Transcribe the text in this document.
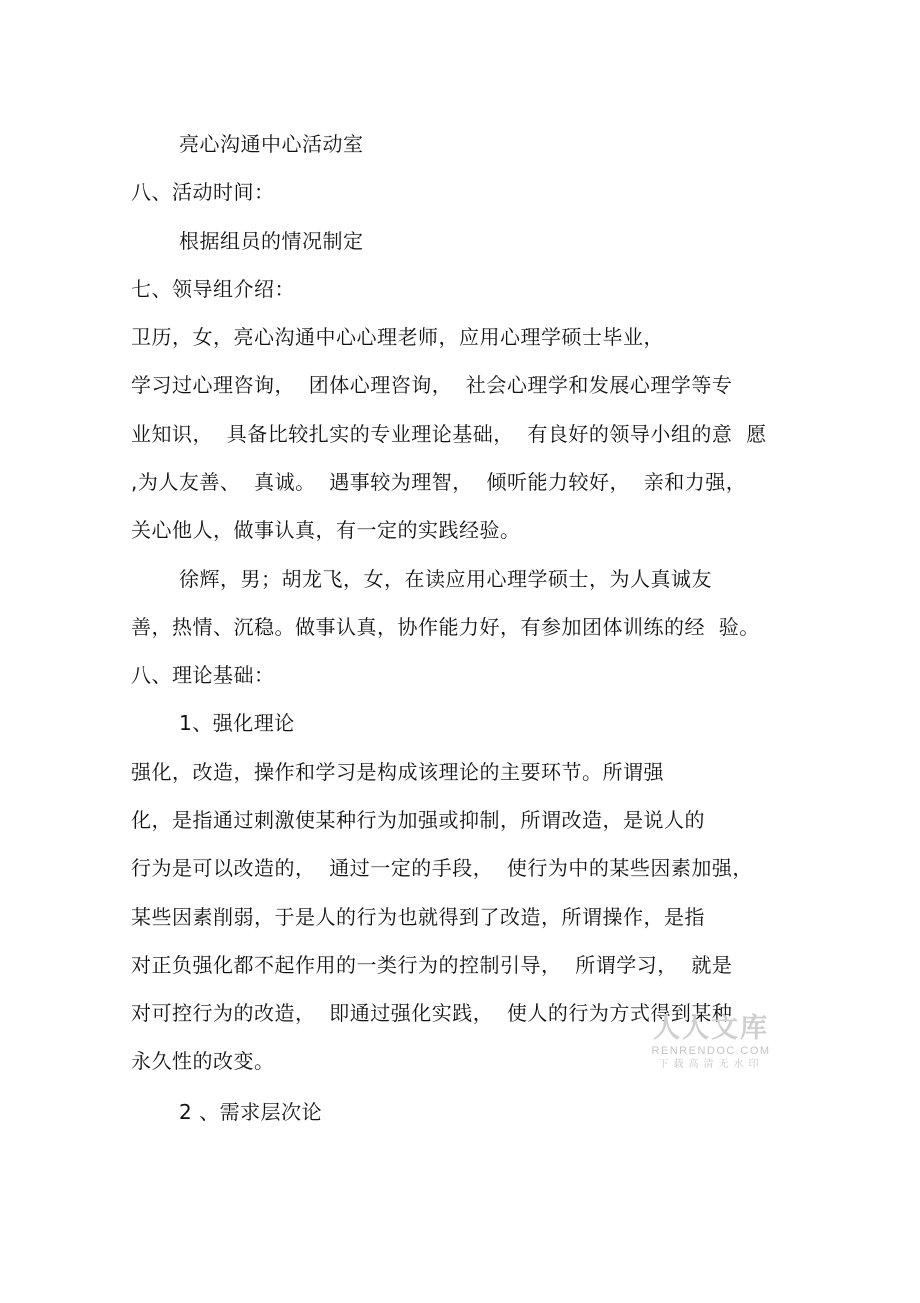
亮心沟通中心活动室
八、活动时间：
根据组员的情况制定
七、领导组介绍：
卫历，女，亮心沟通中心心理老师，应用心理学硕士毕业，
学习过心理咨询，  团体心理咨询，  社会心理学和发展心理学等专
业知识，  具备比较扎实的专业理论基础，  有良好的领导小组的意  愿
,为人友善、  真诚。  遇事较为理智，  倾听能力较好，  亲和力强，
关心他人，做事认真，有一定的实践经验。
徐辉，男；胡龙飞，女，在读应用心理学硕士，为人真诚友
善，热情、沉稳。做事认真，协作能力好，有参加团体训练的经  验。
八、理论基础：
1、强化理论
强化，改造，操作和学习是构成该理论的主要环节。所谓强
化，是指通过刺激使某种行为加强或抑制，所谓改造，是说人的
行为是可以改造的，  通过一定的手段，  使行为中的某些因素加强，
某些因素削弱，于是人的行为也就得到了改造，所谓操作，是指
对正负强化都不起作用的一类行为的控制引导，  所谓学习，  就是
对可控行为的改造，  即通过强化实践，  使人的行为方式得到某种
永久性的改变。
2 、需求层次论
人人文库
RENRENDOC.COM
下载高清无水印
